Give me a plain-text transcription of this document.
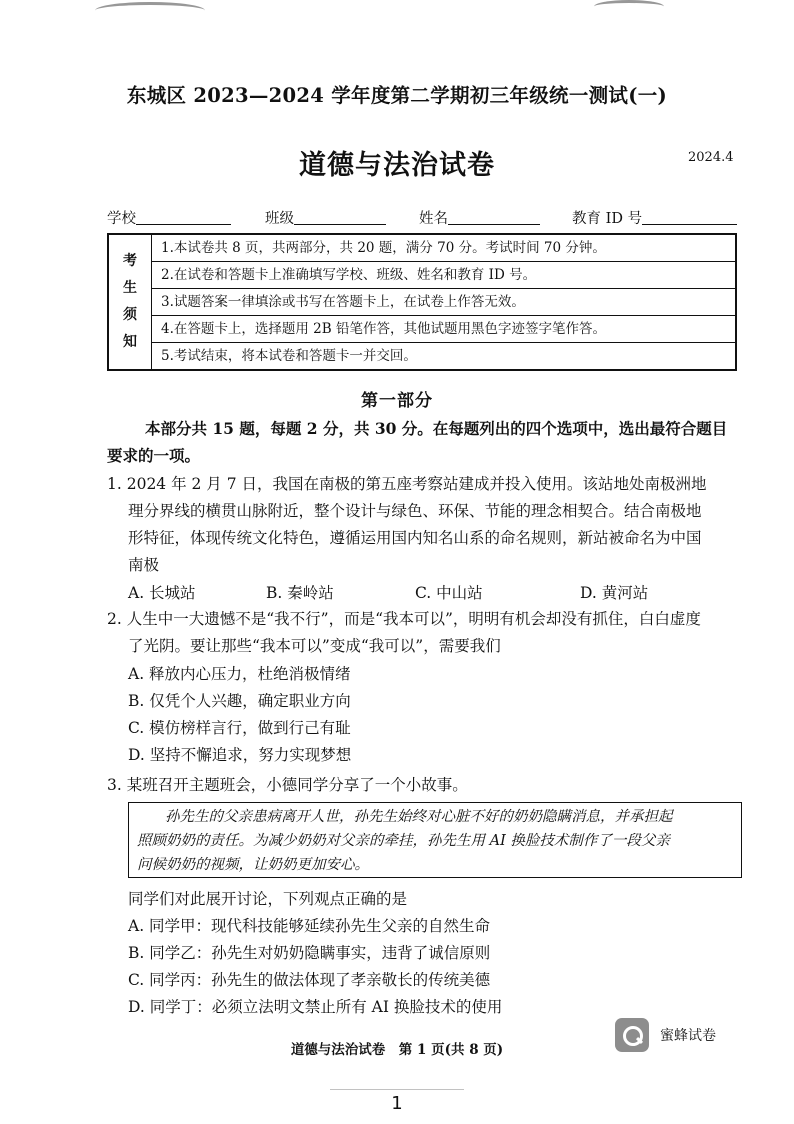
东城区 2023—2024 学年度第二学期初三年级统一测试(一)
道德与法治试卷	2024.4
学校	班级	姓名	教育 ID 号
考
生
须
知
1.本试卷共 8 页，共两部分，共 20 题，满分 70 分。考试时间 70 分钟。
2.在试卷和答题卡上准确填写学校、班级、姓名和教育 ID 号。
3.试题答案一律填涂或书写在答题卡上，在试卷上作答无效。
4.在答题卡上，选择题用 2B 铅笔作答，其他试题用黑色字迹签字笔作答。
5.考试结束，将本试卷和答题卡一并交回。
第一部分
本部分共 15 题，每题 2 分，共 30 分。在每题列出的四个选项中，选出最符合题目
要求的一项。
1. 2024 年 2 月 7 日，我国在南极的第五座考察站建成并投入使用。该站地处南极洲地
理分界线的横贯山脉附近，整个设计与绿色、环保、节能的理念相契合。结合南极地
形特征，体现传统文化特色，遵循运用国内知名山系的命名规则，新站被命名为中国
南极
A. 长城站	B. 秦岭站	C. 中山站	D. 黄河站
2. 人生中一大遗憾不是“我不行”，而是“我本可以”，明明有机会却没有抓住，白白虚度
了光阴。要让那些“我本可以”变成“我可以”，需要我们
A. 释放内心压力，杜绝消极情绪
B. 仅凭个人兴趣，确定职业方向
C. 模仿榜样言行，做到行己有耻
D. 坚持不懈追求，努力实现梦想
3. 某班召开主题班会，小德同学分享了一个小故事。
孙先生的父亲患病离开人世，孙先生始终对心脏不好的奶奶隐瞒消息，并承担起
照顾奶奶的责任。为减少奶奶对父亲的牵挂，孙先生用 AI 换脸技术制作了一段父亲
问候奶奶的视频，让奶奶更加安心。
同学们对此展开讨论，下列观点正确的是
A. 同学甲：现代科技能够延续孙先生父亲的自然生命
B. 同学乙：孙先生对奶奶隐瞒事实，违背了诚信原则
C. 同学丙：孙先生的做法体现了孝亲敬长的传统美德
D. 同学丁：必须立法明文禁止所有 AI 换脸技术的使用
道德与法治试卷　第 1 页(共 8 页)
蜜蜂试卷
1
